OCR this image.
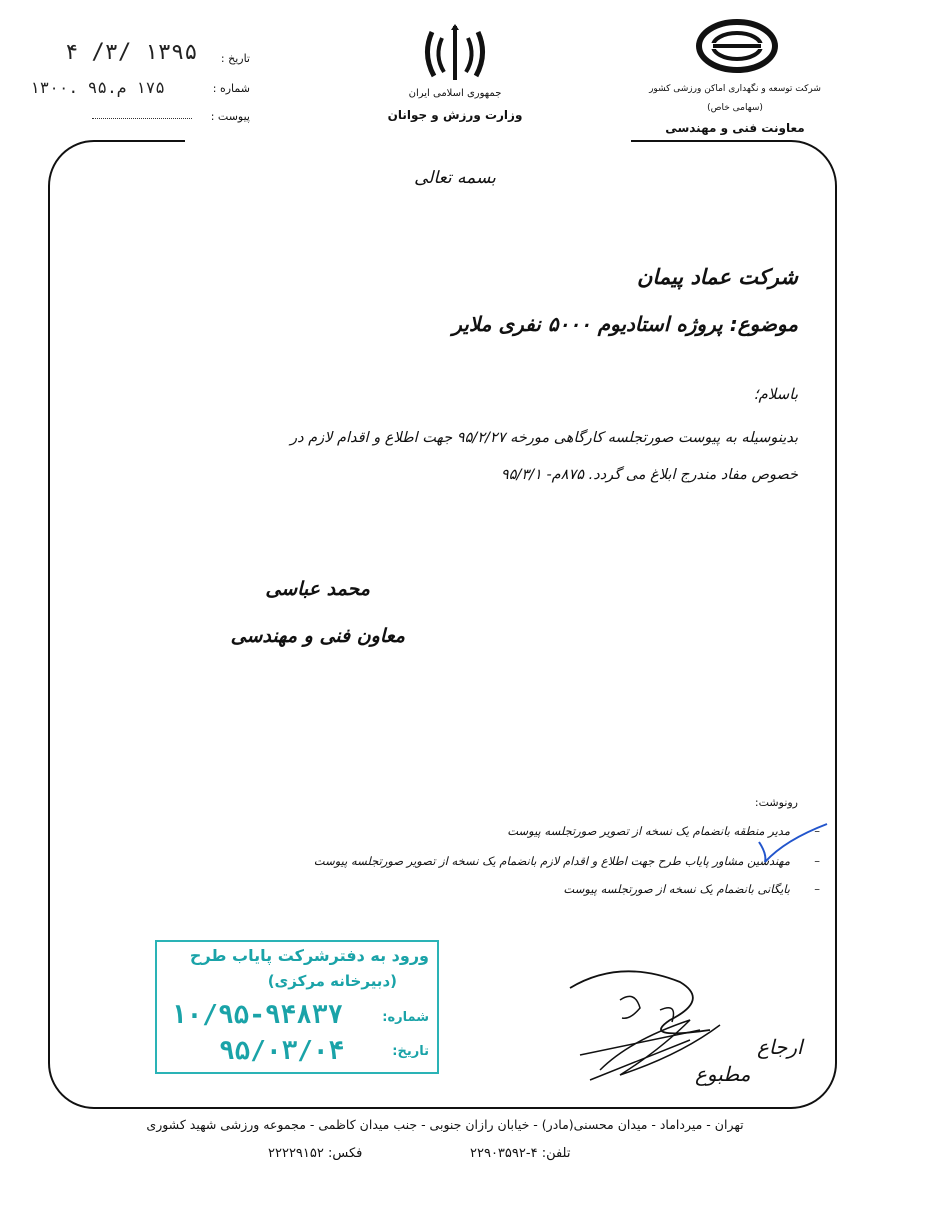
شرکت توسعه و نگهداری اماکن ورزشی کشور
(سهامی خاص)
معاونت فنی و مهندسی
جمهوری اسلامی ایران
وزارت ورزش و جوانان
تاریخ :
۱۳۹۵ /۳/ ۴
شماره :
۱۷۵ م.۹۵ .۱۳۰۰
پیوست :
بسمه تعالی
شرکت عماد پیمان
موضوع: پروژه استادیوم ۵۰۰۰ نفری ملایر
باسلام؛
بدینوسیله به پیوست صورتجلسه کارگاهی مورخه ۹۵/۲/۲۷ جهت اطلاع و اقدام لازم در
خصوص مفاد مندرج ابلاغ می گردد. ۸۷۵م- ۹۵/۳/۱
محمد عباسی
معاون فنی و مهندسی
رونوشت:
مدیر منطقه بانضمام یک نسخه از تصویر صورتجلسه پیوست –
مهندسین مشاور پایاب طرح جهت اطلاع و اقدام لازم بانضمام یک نسخه از تصویر صورتجلسه پیوست –
بایگانی بانضمام یک نسخه از صورتجلسه پیوست –
ورود به دفترشرکت پایاب طرح
(دبیرخانه مرکزی)
شماره:
۱۰/۹۵-۹۴۸۳۷
تاریخ:
۹۵/۰۳/۰۴	ارجاع
مطبوع
تهران - میرداماد - میدان محسنی(مادر) - خیابان رازان جنوبی - جنب میدان کاظمی - مجموعه ورزشی شهید کشوری
تلفن: ۴-۲۲۹۰۳۵۹۲
فکس: ۲۲۲۲۹۱۵۲
